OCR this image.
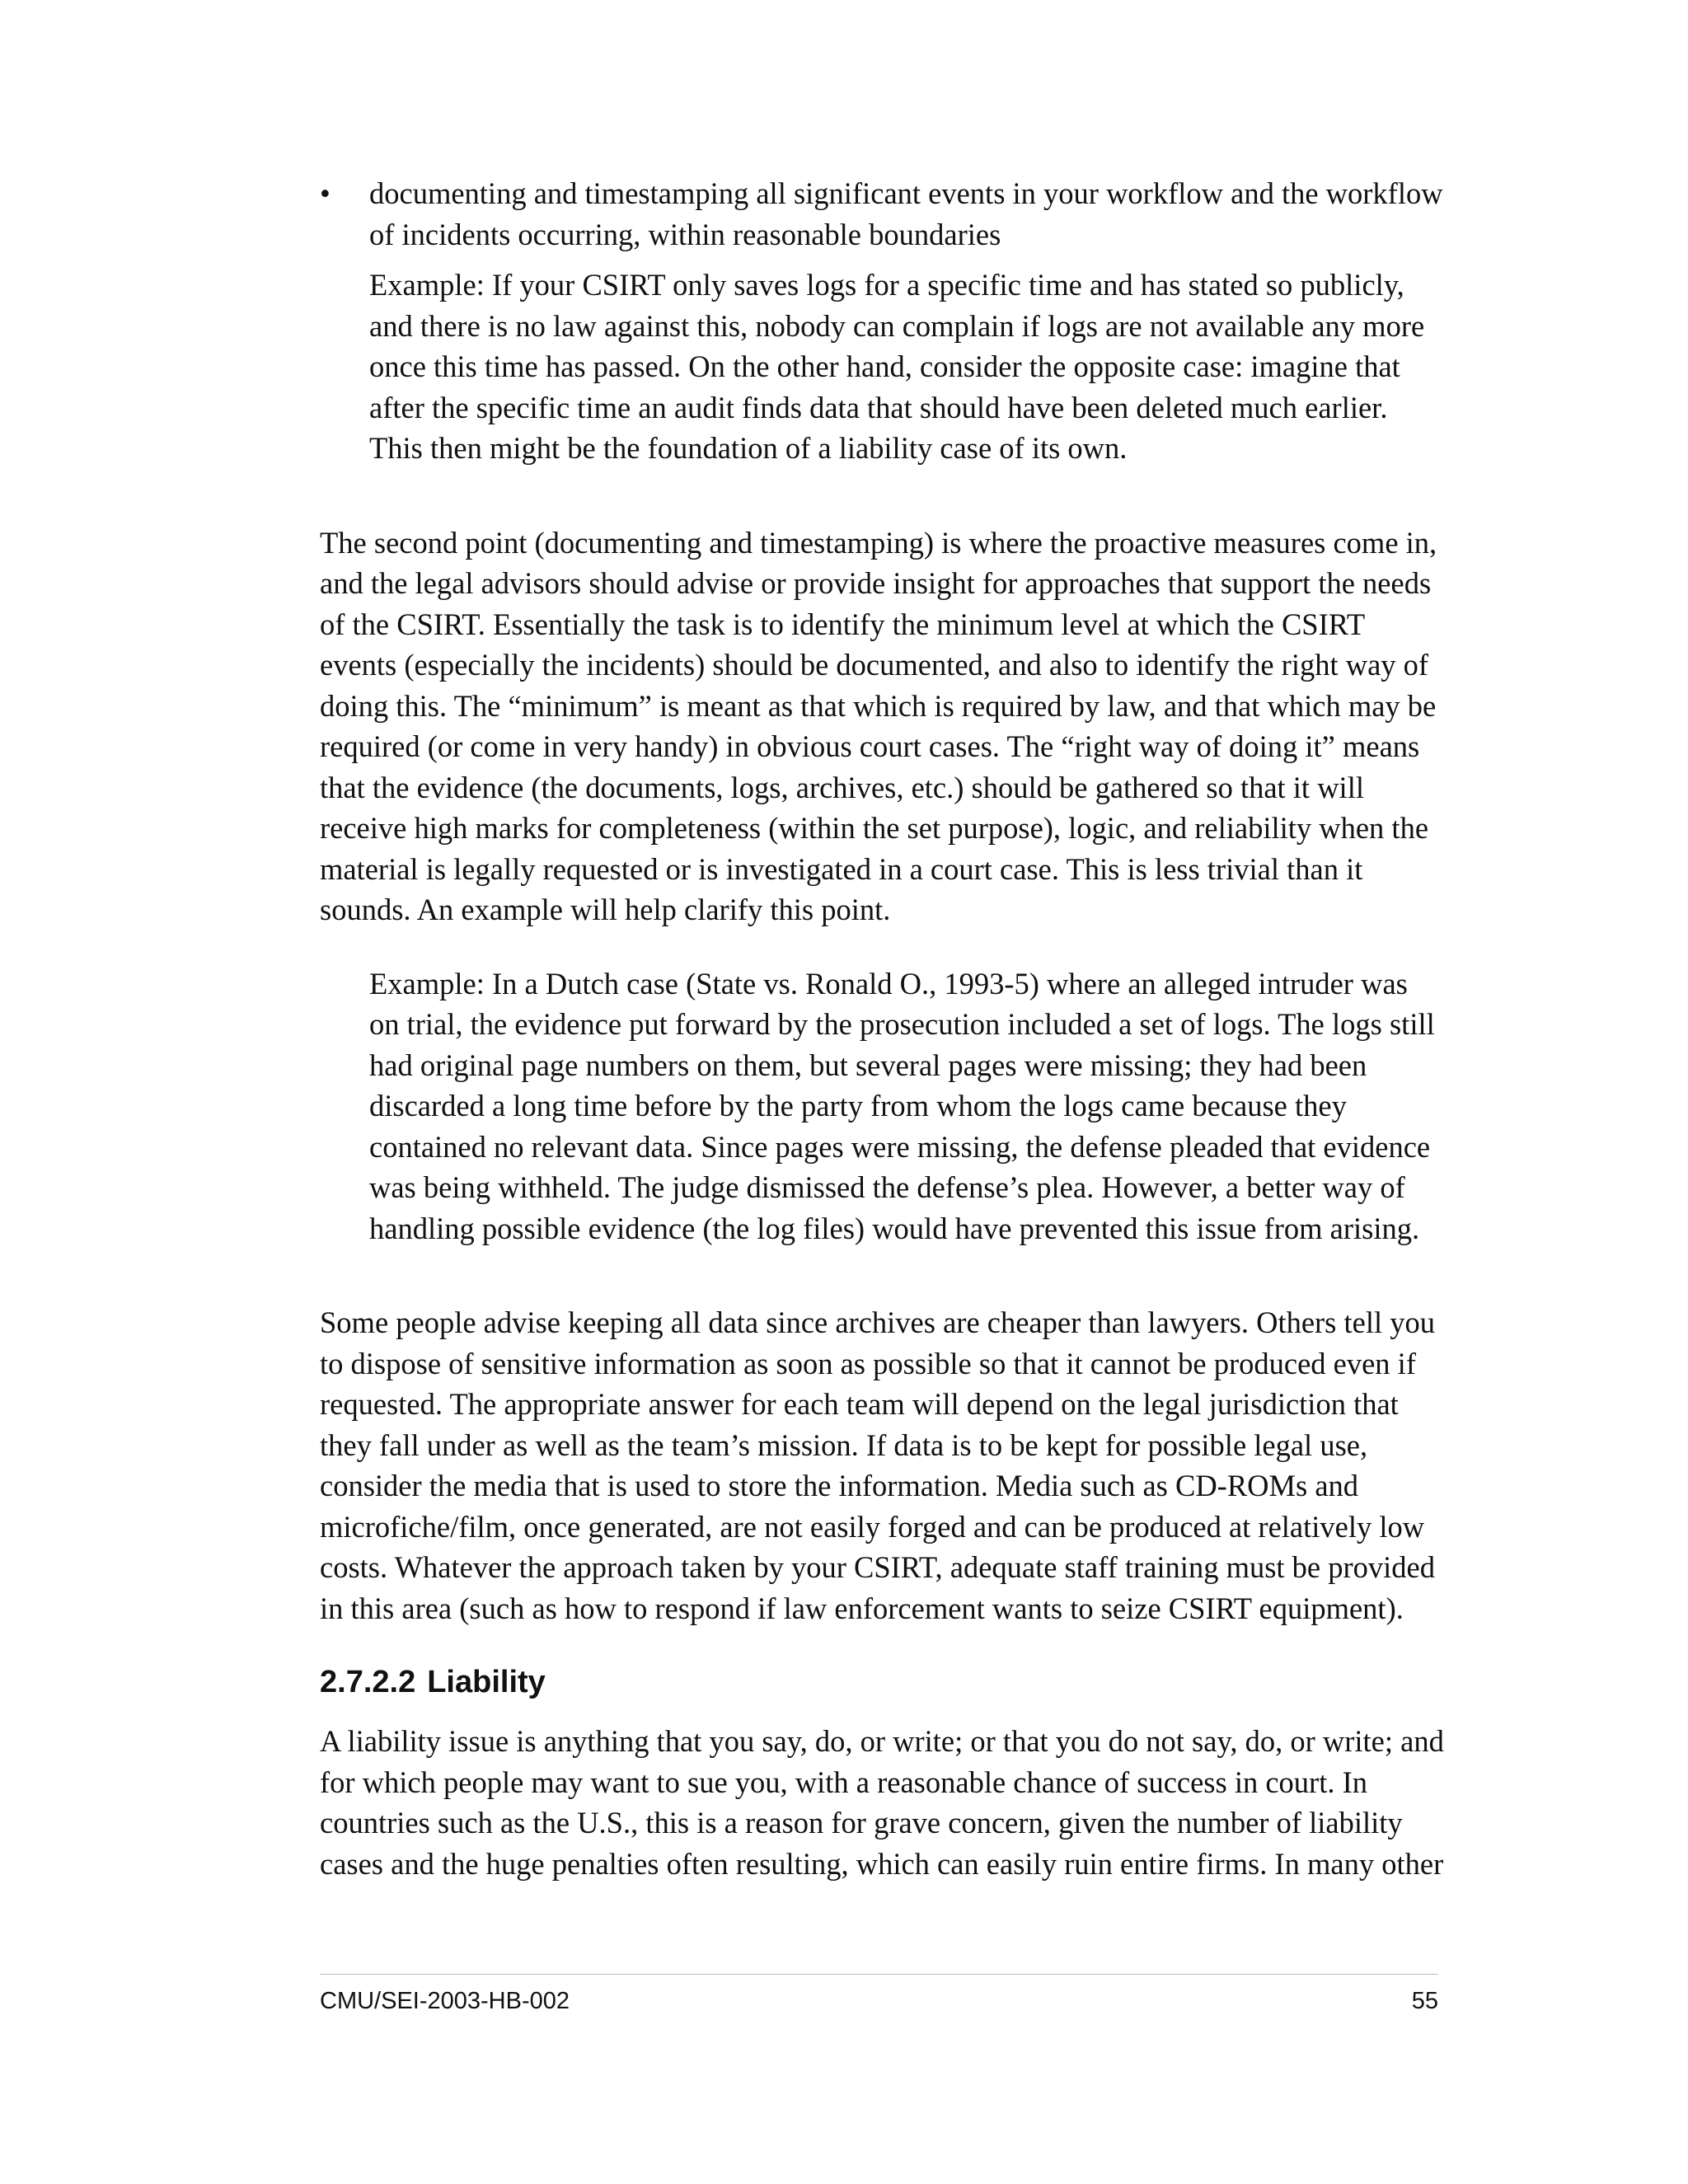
•	documenting and timestamping all significant events in your workflow and the workflow of incidents occurring, within reasonable boundaries

Example: If your CSIRT only saves logs for a specific time and has stated so publicly, and there is no law against this, nobody can complain if logs are not available any more once this time has passed. On the other hand, consider the opposite case: imagine that after the specific time an audit finds data that should have been deleted much earlier. This then might be the foundation of a liability case of its own.

The second point (documenting and timestamping) is where the proactive measures come in, and the legal advisors should advise or provide insight for approaches that support the needs of the CSIRT. Essentially the task is to identify the minimum level at which the CSIRT events (especially the incidents) should be documented, and also to identify the right way of doing this. The “minimum” is meant as that which is required by law, and that which may be required (or come in very handy) in obvious court cases. The “right way of doing it” means that the evidence (the documents, logs, archives, etc.) should be gathered so that it will receive high marks for completeness (within the set purpose), logic, and reliability when the material is legally requested or is investigated in a court case. This is less trivial than it sounds. An example will help clarify this point.

Example: In a Dutch case (State vs. Ronald O., 1993-5) where an alleged intruder was on trial, the evidence put forward by the prosecution included a set of logs. The logs still had original page numbers on them, but several pages were missing; they had been discarded a long time before by the party from whom the logs came because they contained no relevant data. Since pages were missing, the defense pleaded that evidence was being withheld. The judge dismissed the defense’s plea. However, a better way of handling possible evidence (the log files) would have prevented this issue from arising.

Some people advise keeping all data since archives are cheaper than lawyers. Others tell you to dispose of sensitive information as soon as possible so that it cannot be produced even if requested. The appropriate answer for each team will depend on the legal jurisdiction that they fall under as well as the team’s mission. If data is to be kept for possible legal use, consider the media that is used to store the information. Media such as CD-ROMs and microfiche/film, once generated, are not easily forged and can be produced at relatively low costs. Whatever the approach taken by your CSIRT, adequate staff training must be provided in this area (such as how to respond if law enforcement wants to seize CSIRT equipment).

2.7.2.2 Liability

A liability issue is anything that you say, do, or write; or that you do not say, do, or write; and for which people may want to sue you, with a reasonable chance of success in court. In countries such as the U.S., this is a reason for grave concern, given the number of liability cases and the huge penalties often resulting, which can easily ruin entire firms. In many other

CMU/SEI-2003-HB-002	55
